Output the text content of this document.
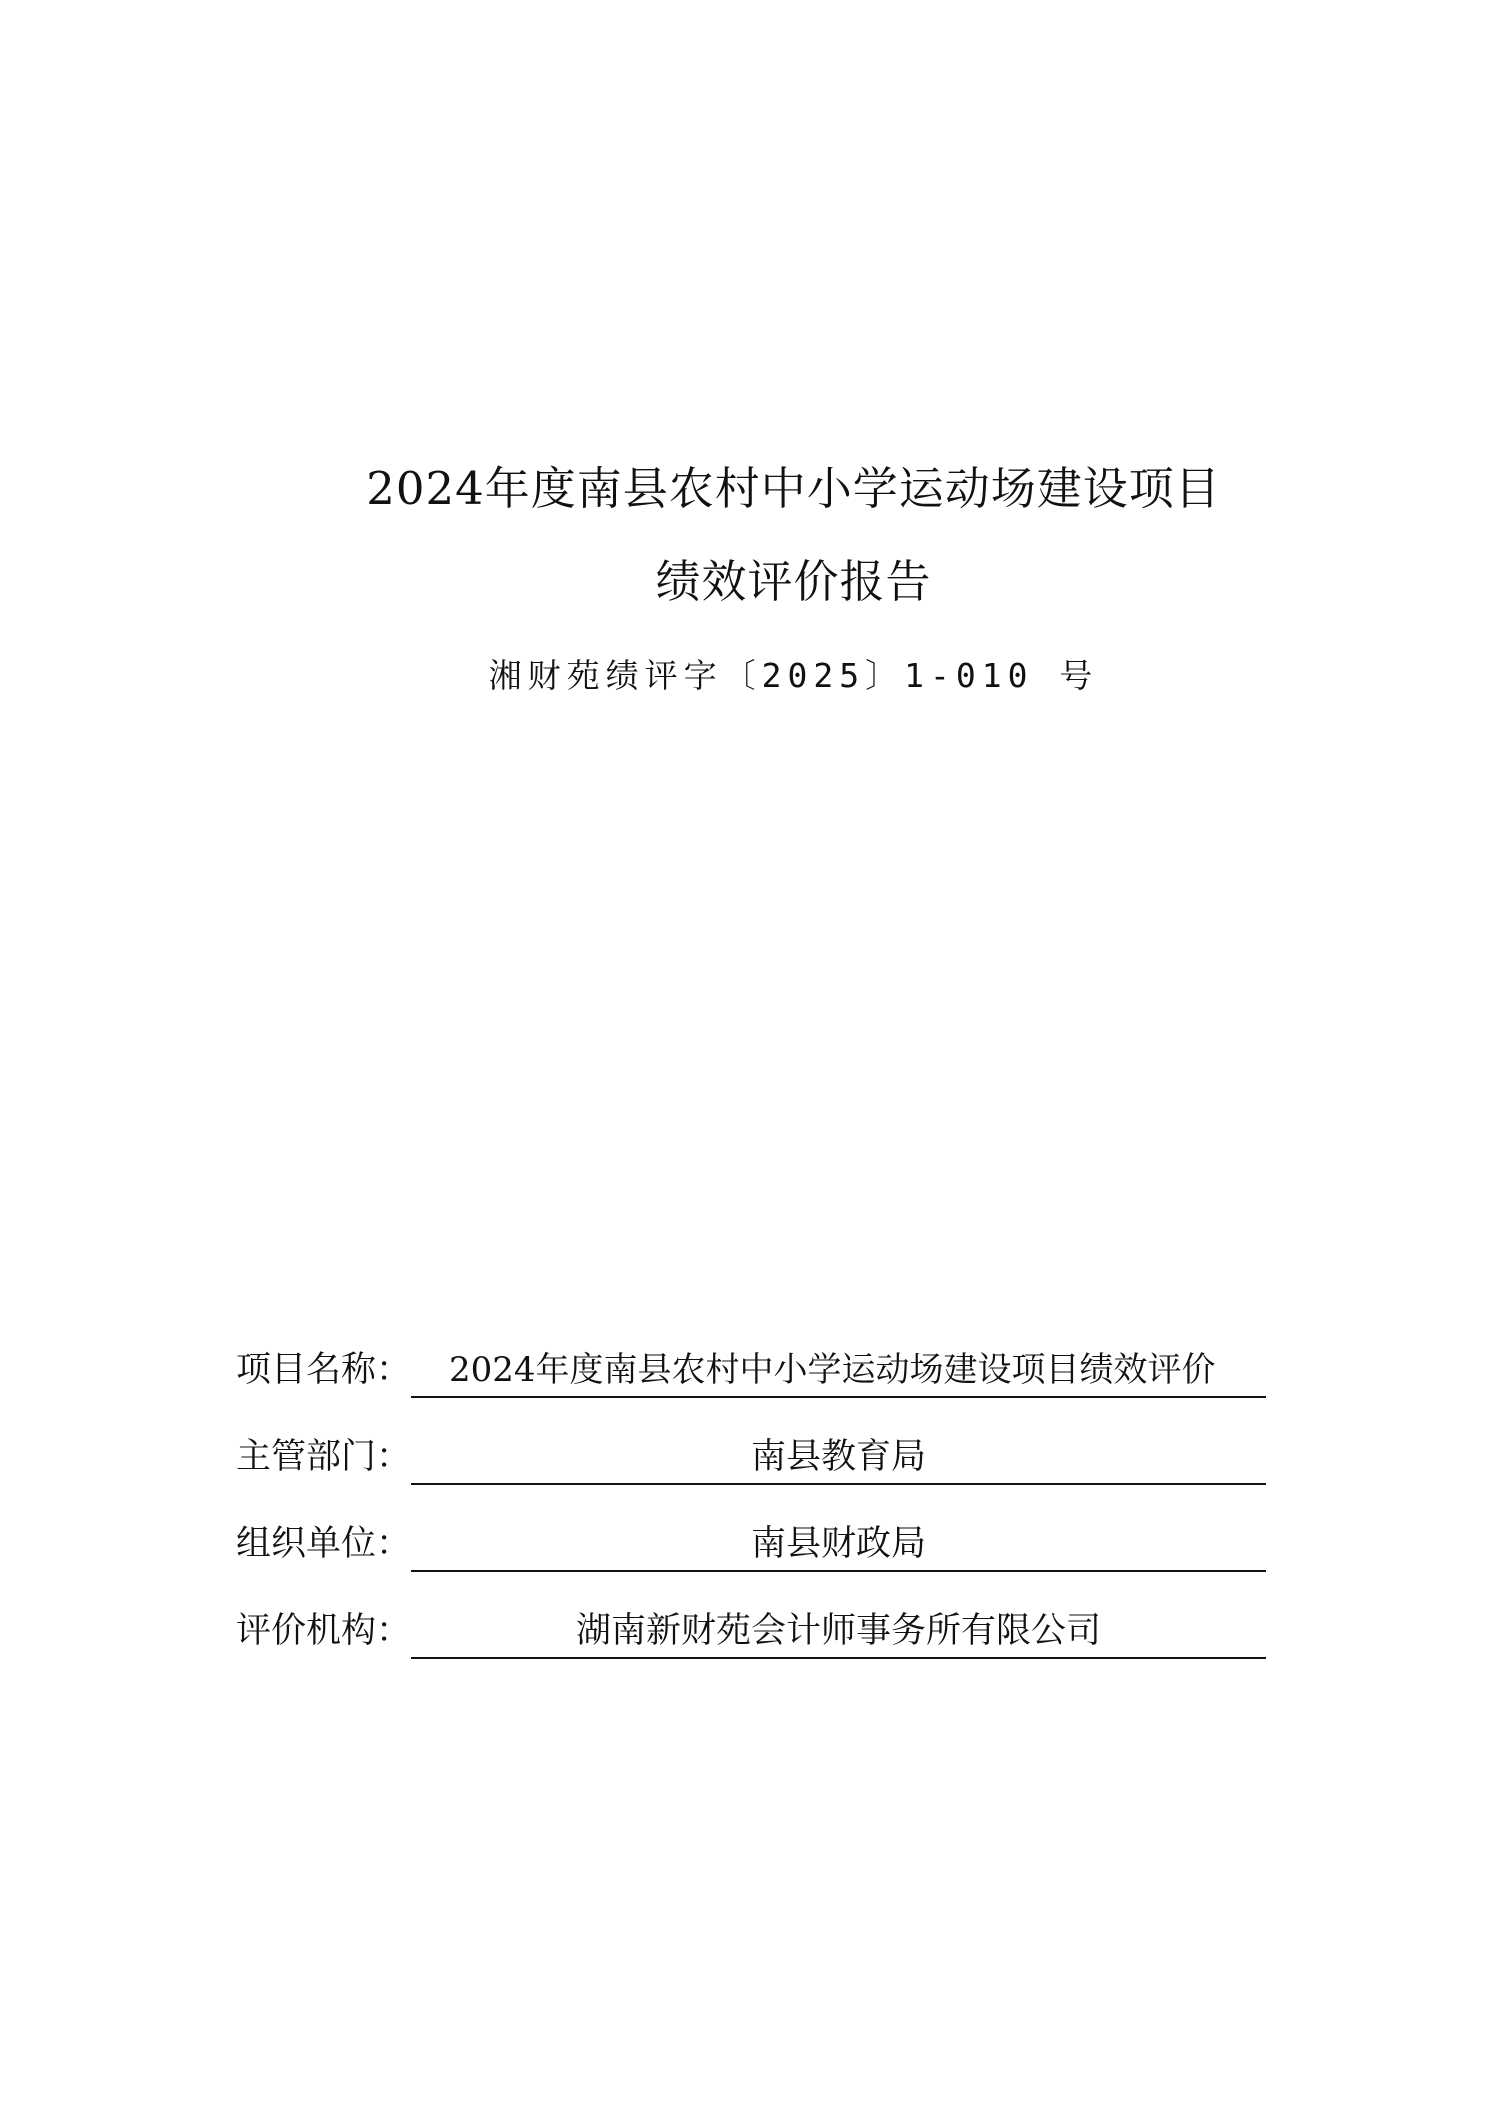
2024年度南县农村中小学运动场建设项目
绩效评价报告
湘财苑绩评字〔2025〕1-010 号
项目名称：	2024年度南县农村中小学运动场建设项目绩效评价
主管部门：	南县教育局
组织单位：	南县财政局
评价机构：	湖南新财苑会计师事务所有限公司
